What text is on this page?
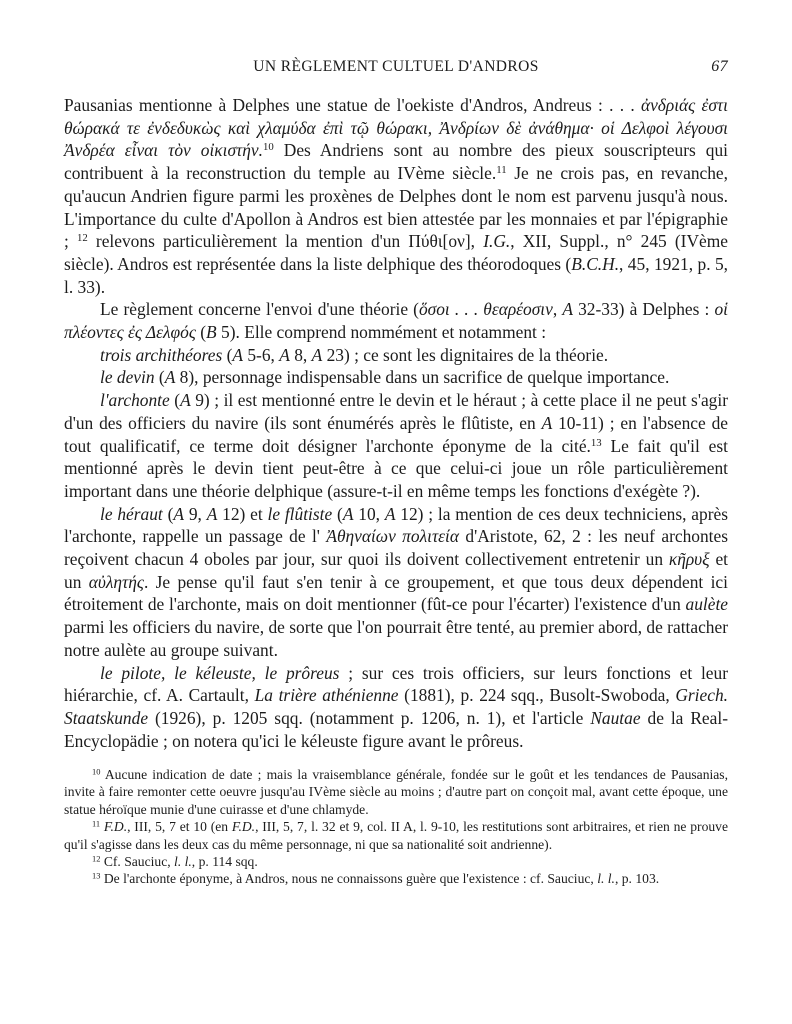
UN RÈGLEMENT CULTUEL D'ANDROS	67

Pausanias mentionne à Delphes une statue de l'oekiste d'Andros, Andreus : . . . ἀνδριάς ἐστι θώρακά τε ἐνδεδυκὼς καὶ χλαμύδα ἐπὶ τῷ θώρακι, Ἀνδρίων δὲ ἀνάθημα· οἱ Δελφοὶ λέγουσι Ἀνδρέα εἶναι τὸν οἰκιστήν.$^{10}$ Des Andriens sont au nombre des pieux souscripteurs qui contribuent à la reconstruction du temple au IVème siècle.$^{11}$ Je ne crois pas, en revanche, qu'aucun Andrien figure parmi les proxènes de Delphes dont le nom est parvenu jusqu'à nous. L'importance du culte d'Apollon à Andros est bien attestée par les monnaies et par l'épigraphie ; $^{12}$ relevons particulièrement la mention d'un Πύθι[ον], I.G., XII, Suppl., n° 245 (IVème siècle). Andros est représentée dans la liste delphique des théorodoques (B.C.H., 45, 1921, p. 5, l. 33).

Le règlement concerne l'envoi d'une théorie (ὅσοι . . . θεαρέοσιν, A 32-33) à Delphes : οἱ πλέοντες ἐς Δελφός (B 5). Elle comprend nommément et notamment :

trois archithéores (A 5-6, A 8, A 23) ; ce sont les dignitaires de la théorie.

le devin (A 8), personnage indispensable dans un sacrifice de quelque importance.

l'archonte (A 9) ; il est mentionné entre le devin et le héraut ; à cette place il ne peut s'agir d'un des officiers du navire (ils sont énumérés après le flûtiste, en A 10-11) ; en l'absence de tout qualificatif, ce terme doit désigner l'archonte éponyme de la cité.$^{13}$ Le fait qu'il est mentionné après le devin tient peut-être à ce que celui-ci joue un rôle particulièrement important dans une théorie delphique (assure-t-il en même temps les fonctions d'exégète ?).

le héraut (A 9, A 12) et le flûtiste (A 10, A 12) ; la mention de ces deux techniciens, après l'archonte, rappelle un passage de l' Ἀθηναίων πολιτεία d'Aristote, 62, 2 : les neuf archontes reçoivent chacun 4 oboles par jour, sur quoi ils doivent collectivement entretenir un κῆρυξ et un αὐλητής. Je pense qu'il faut s'en tenir à ce groupement, et que tous deux dépendent ici étroitement de l'archonte, mais on doit mentionner (fût-ce pour l'écarter) l'existence d'un aulète parmi les officiers du navire, de sorte que l'on pourrait être tenté, au premier abord, de rattacher notre aulète au groupe suivant.

le pilote, le kéleuste, le prôreus ; sur ces trois officiers, sur leurs fonctions et leur hiérarchie, cf. A. Cartault, La trière athénienne (1881), p. 224 sqq., Busolt-Swoboda, Griech. Staatskunde (1926), p. 1205 sqq. (notamment p. 1206, n. 1), et l'article Nautae de la Real-Encyclopädie ; on notera qu'ici le kéleuste figure avant le prôreus.

$^{10}$ Aucune indication de date ; mais la vraisemblance générale, fondée sur le goût et les tendances de Pausanias, invite à faire remonter cette oeuvre jusqu'au IVème siècle au moins ; d'autre part on conçoit mal, avant cette époque, une statue héroïque munie d'une cuirasse et d'une chlamyde.

$^{11}$ F.D., III, 5, 7 et 10 (en F.D., III, 5, 7, l. 32 et 9, col. II A, l. 9-10, les restitutions sont arbitraires, et rien ne prouve qu'il s'agisse dans les deux cas du même personnage, ni que sa nationalité soit andrienne).

$^{12}$ Cf. Sauciuc, l. l., p. 114 sqq.

$^{13}$ De l'archonte éponyme, à Andros, nous ne connaissons guère que l'existence : cf. Sauciuc, l. l., p. 103.
